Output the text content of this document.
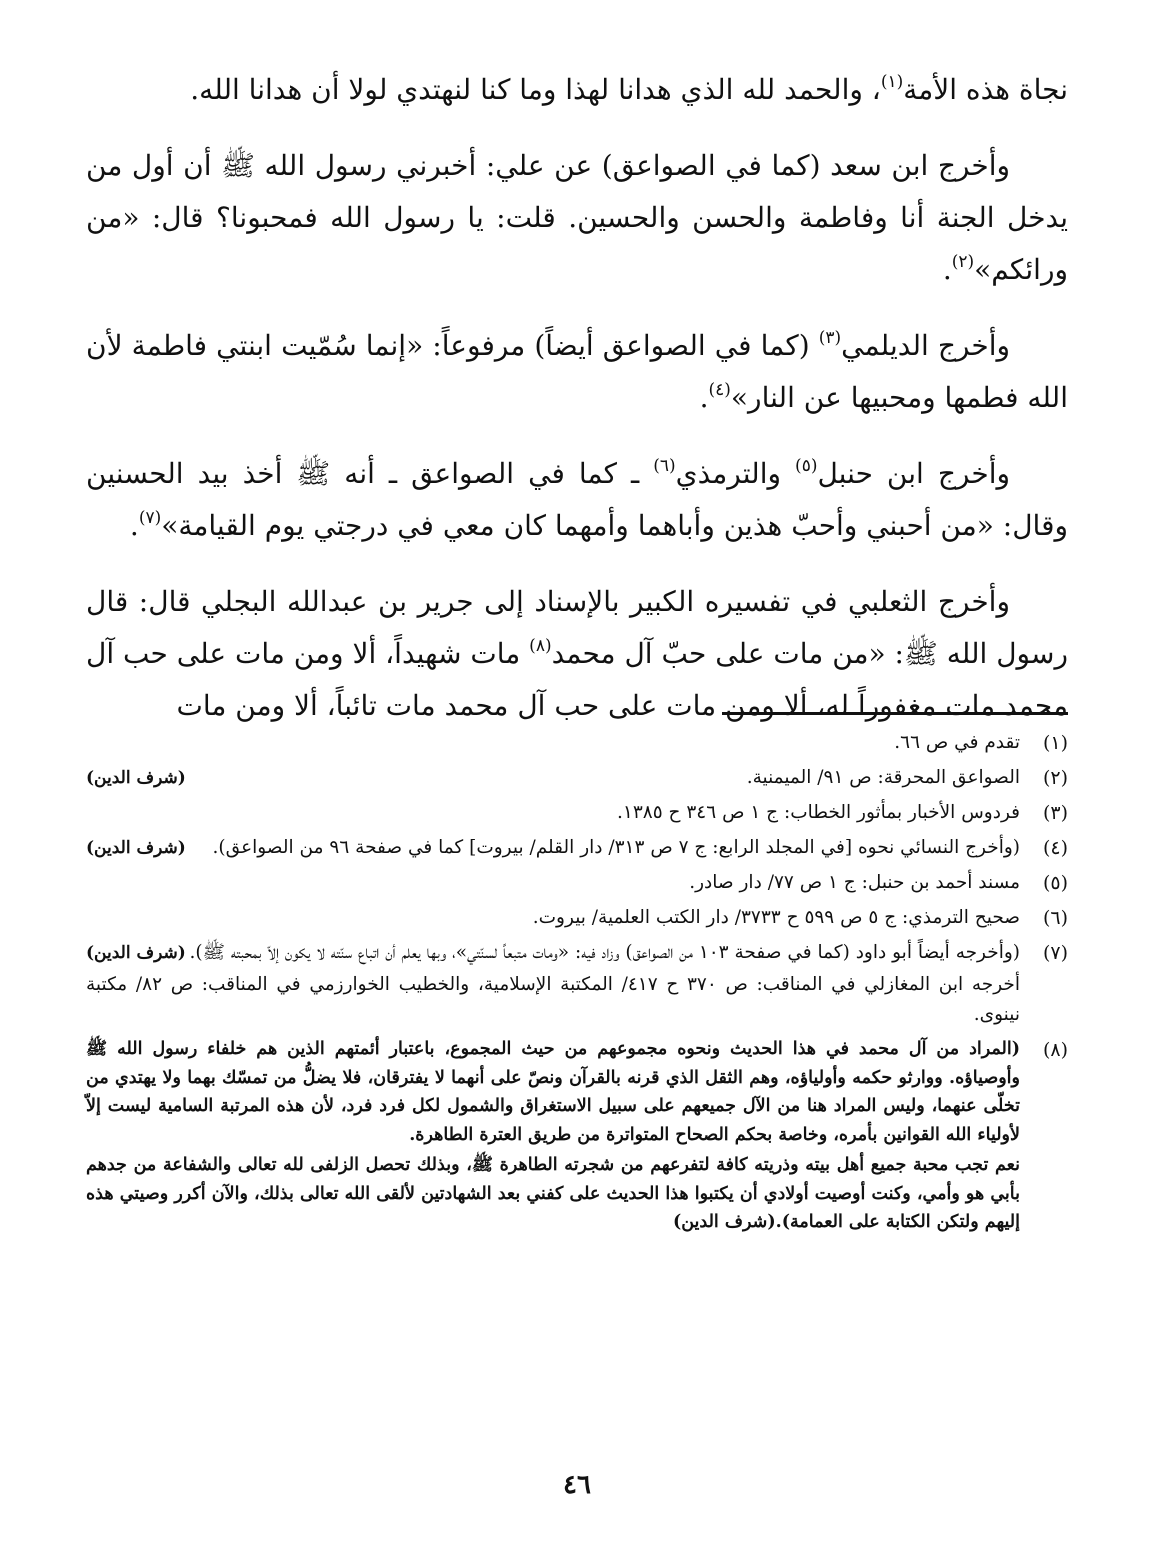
نجاة هذه الأمة$^{(١)}$، والحمد لله الذي هدانا لهذا وما كنا لنهتدي لولا أن هدانا الله.

وأخرج ابن سعد (كما في الصواعق) عن علي: أخبرني رسول الله ﷺ أن أول من يدخل الجنة أنا وفاطمة والحسن والحسين. قلت: يا رسول الله فمحبونا؟ قال: «من ورائكم»$^{(٢)}$.

وأخرج الديلمي$^{(٣)}$ (كما في الصواعق أيضاً) مرفوعاً: «إنما سُمّيت ابنتي فاطمة لأن الله فطمها ومحبيها عن النار»$^{(٤)}$.

وأخرج ابن حنبل$^{(٥)}$ والترمذي$^{(٦)}$ ـ كما في الصواعق ـ أنه ﷺ أخذ بيد الحسنين وقال: «من أحبني وأحبّ هذين وأباهما وأمهما كان معي في درجتي يوم القيامة»$^{(٧)}$.

وأخرج الثعلبي في تفسيره الكبير بالإسناد إلى جرير بن عبدالله البجلي قال: قال رسول الله ﷺ: «من مات على حبّ آل محمد$^{(٨)}$ مات شهيداً، ألا ومن مات على حب آل محمد مات مغفوراً له، ألا ومن مات على حب آل محمد مات تائباً، ألا ومن مات

(١)
تقدم في ص ٦٦.
(٢)
(شرف الدين)	الصواعق المحرقة: ص ٩١/ الميمنية.
(٣)
فردوس الأخبار بمأثور الخطاب: ج ١ ص ٣٤٦ ح ١٣٨٥.
(٤)
(وأخرج النسائي نحوه [في المجلد الرابع: ج ٧ ص ٣١٣/ دار القلم/ بيروت] كما في صفحة ٩٦ من الصواعق).
(شرف الدين)
(٥)
مسند أحمد بن حنبل: ج ١ ص ٧٧/ دار صادر.
(٦)
صحيح الترمذي: ج ٥ ص ٥٩٩ ح ٣٧٣٣/ دار الكتب العلمية/ بيروت.
(٧)
(وأخرجه أيضاً أبو داود (كما في صفحة ١٠٣ من الصواعق) وزاد فيه: «ومات متبعاً لسنّتي»، وبها يعلم أن اتباع سنّته لا يكون إلاّ بمحبته ﷺ).
(شرف الدين)
أخرجه ابن المغازلي في المناقب: ص ٣٧٠ ح ٤١٧/ المكتبة الإسلامية، والخطيب الخوارزمي في المناقب: ص ٨٢/ مكتبة نينوى.
(٨)
(المراد من آل محمد في هذا الحديث ونحوه مجموعهم من حيث المجموع، باعتبار أئمتهم الذين هم خلفاء رسول الله ﷺ وأوصياؤه. ووارثو حكمه وأولياؤه، وهم الثقل الذي قرنه بالقرآن ونصّ على أنهما لا يفترقان، فلا يضلُّ من تمسّك بهما ولا يهتدي من تخلّى عنهما، وليس المراد هنا من الآل جميعهم على سبيل الاستغراق والشمول لكل فرد فرد، لأن هذه المرتبة السامية ليست إلاّ لأولياء الله القوانين بأمره، وخاصة بحكم الصحاح المتواترة من طريق العترة الطاهرة.
نعم تجب محبة جميع أهل بيته وذريته كافة لتفرعهم من شجرته الطاهرة ﷺ، وبذلك تحصل الزلفى لله تعالى والشفاعة من جدهم بأبي هو وأمي، وكنت أوصيت أولادي أن يكتبوا هذا الحديث على كفني بعد الشهادتين لألقى الله تعالى بذلك، والآن أكرر وصيتي هذه إليهم ولتكن الكتابة على العمامة).(شرف الدين)
٤٦
